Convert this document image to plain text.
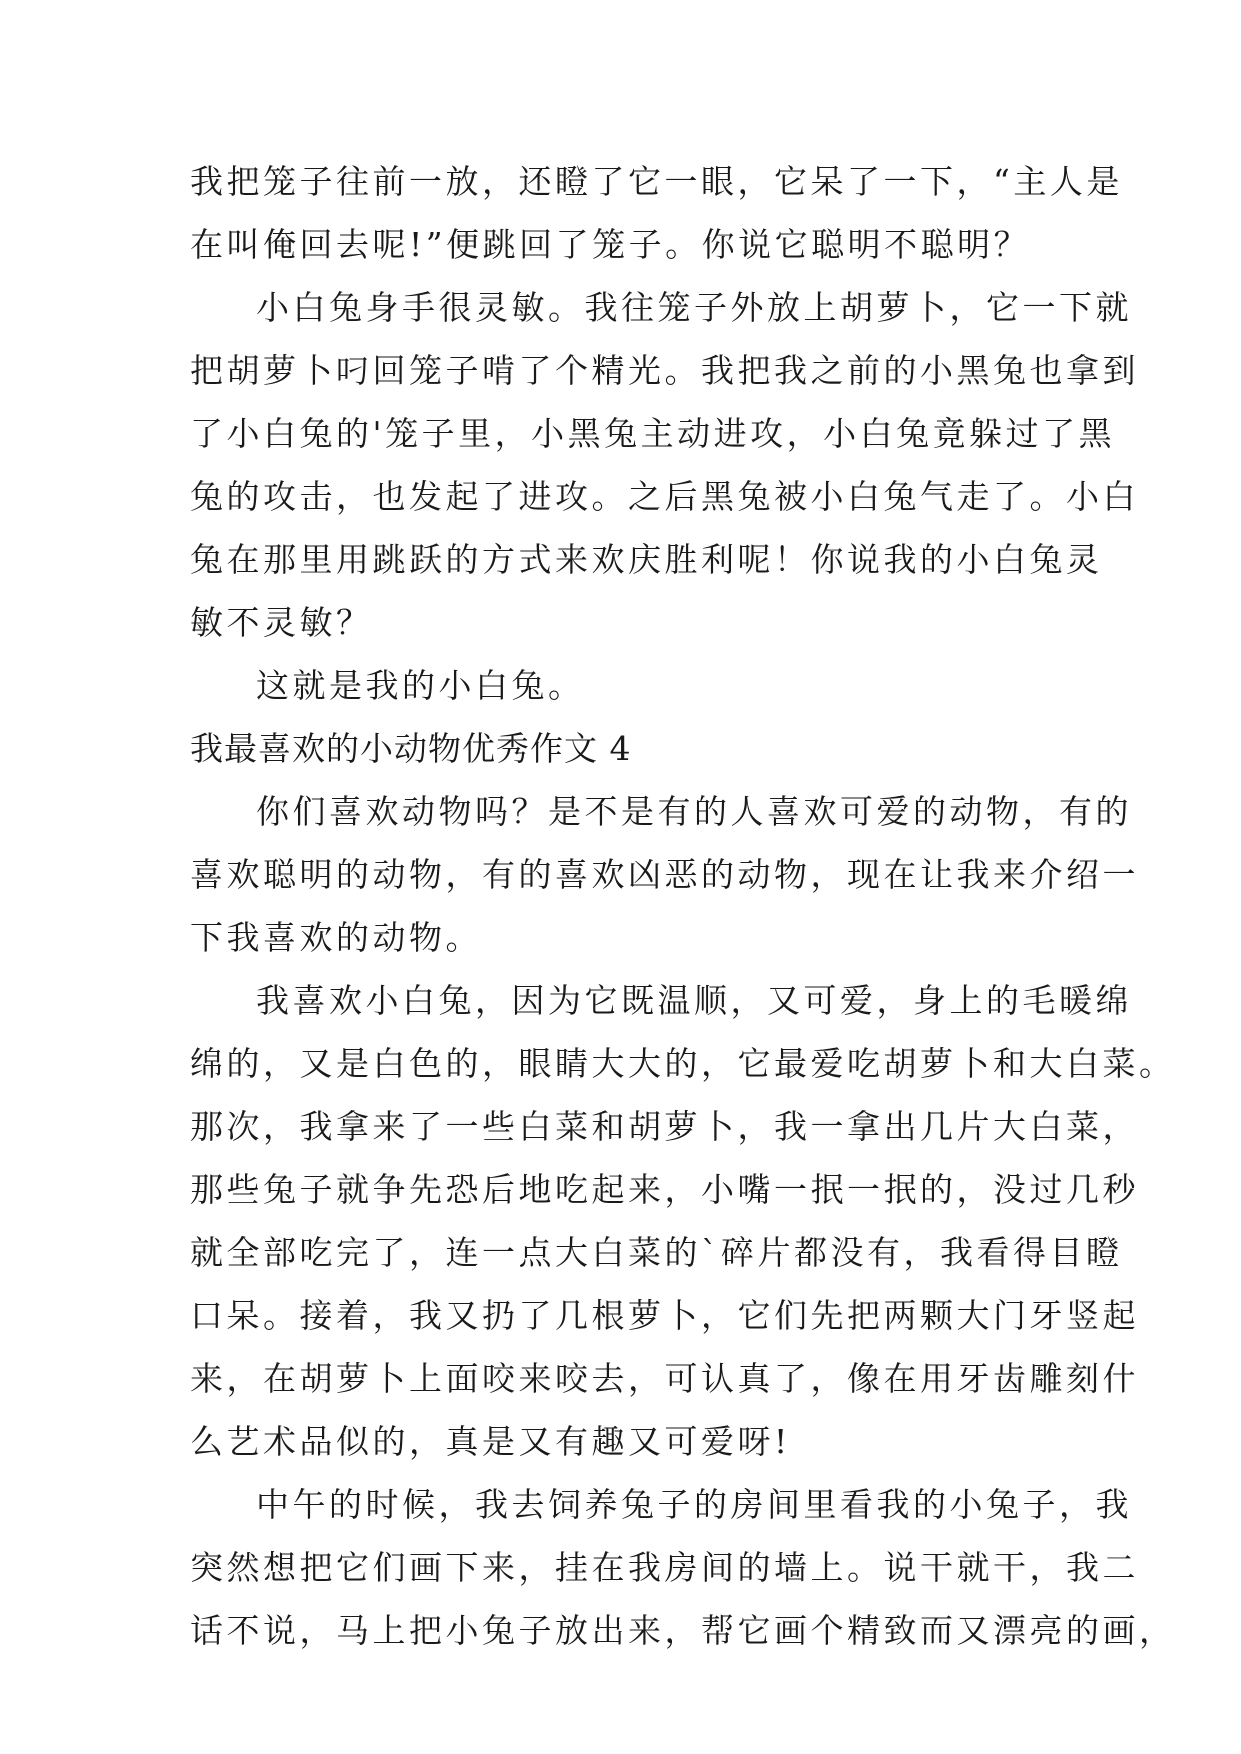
我把笼子往前一放，还瞪了它一眼，它呆了一下，“主人是
在叫俺回去呢!”便跳回了笼子。你说它聪明不聪明？
小白兔身手很灵敏。我往笼子外放上胡萝卜，它一下就
把胡萝卜叼回笼子啃了个精光。我把我之前的小黑兔也拿到
了小白兔的'笼子里，小黑兔主动进攻，小白兔竟躲过了黑
兔的攻击，也发起了进攻。之后黑兔被小白兔气走了。小白
兔在那里用跳跃的方式来欢庆胜利呢！你说我的小白兔灵
敏不灵敏？
这就是我的小白兔。
我最喜欢的小动物优秀作文 4
你们喜欢动物吗？是不是有的人喜欢可爱的动物，有的
喜欢聪明的动物，有的喜欢凶恶的动物，现在让我来介绍一
下我喜欢的动物。
我喜欢小白兔，因为它既温顺，又可爱，身上的毛暖绵
绵的，又是白色的，眼睛大大的，它最爱吃胡萝卜和大白菜。
那次，我拿来了一些白菜和胡萝卜，我一拿出几片大白菜，
那些兔子就争先恐后地吃起来，小嘴一抿一抿的，没过几秒
就全部吃完了，连一点大白菜的`碎片都没有，我看得目瞪
口呆。接着，我又扔了几根萝卜，它们先把两颗大门牙竖起
来，在胡萝卜上面咬来咬去，可认真了，像在用牙齿雕刻什
么艺术品似的，真是又有趣又可爱呀!
中午的时候，我去饲养兔子的房间里看我的小兔子，我
突然想把它们画下来，挂在我房间的墙上。说干就干，我二
话不说，马上把小兔子放出来，帮它画个精致而又漂亮的画，
